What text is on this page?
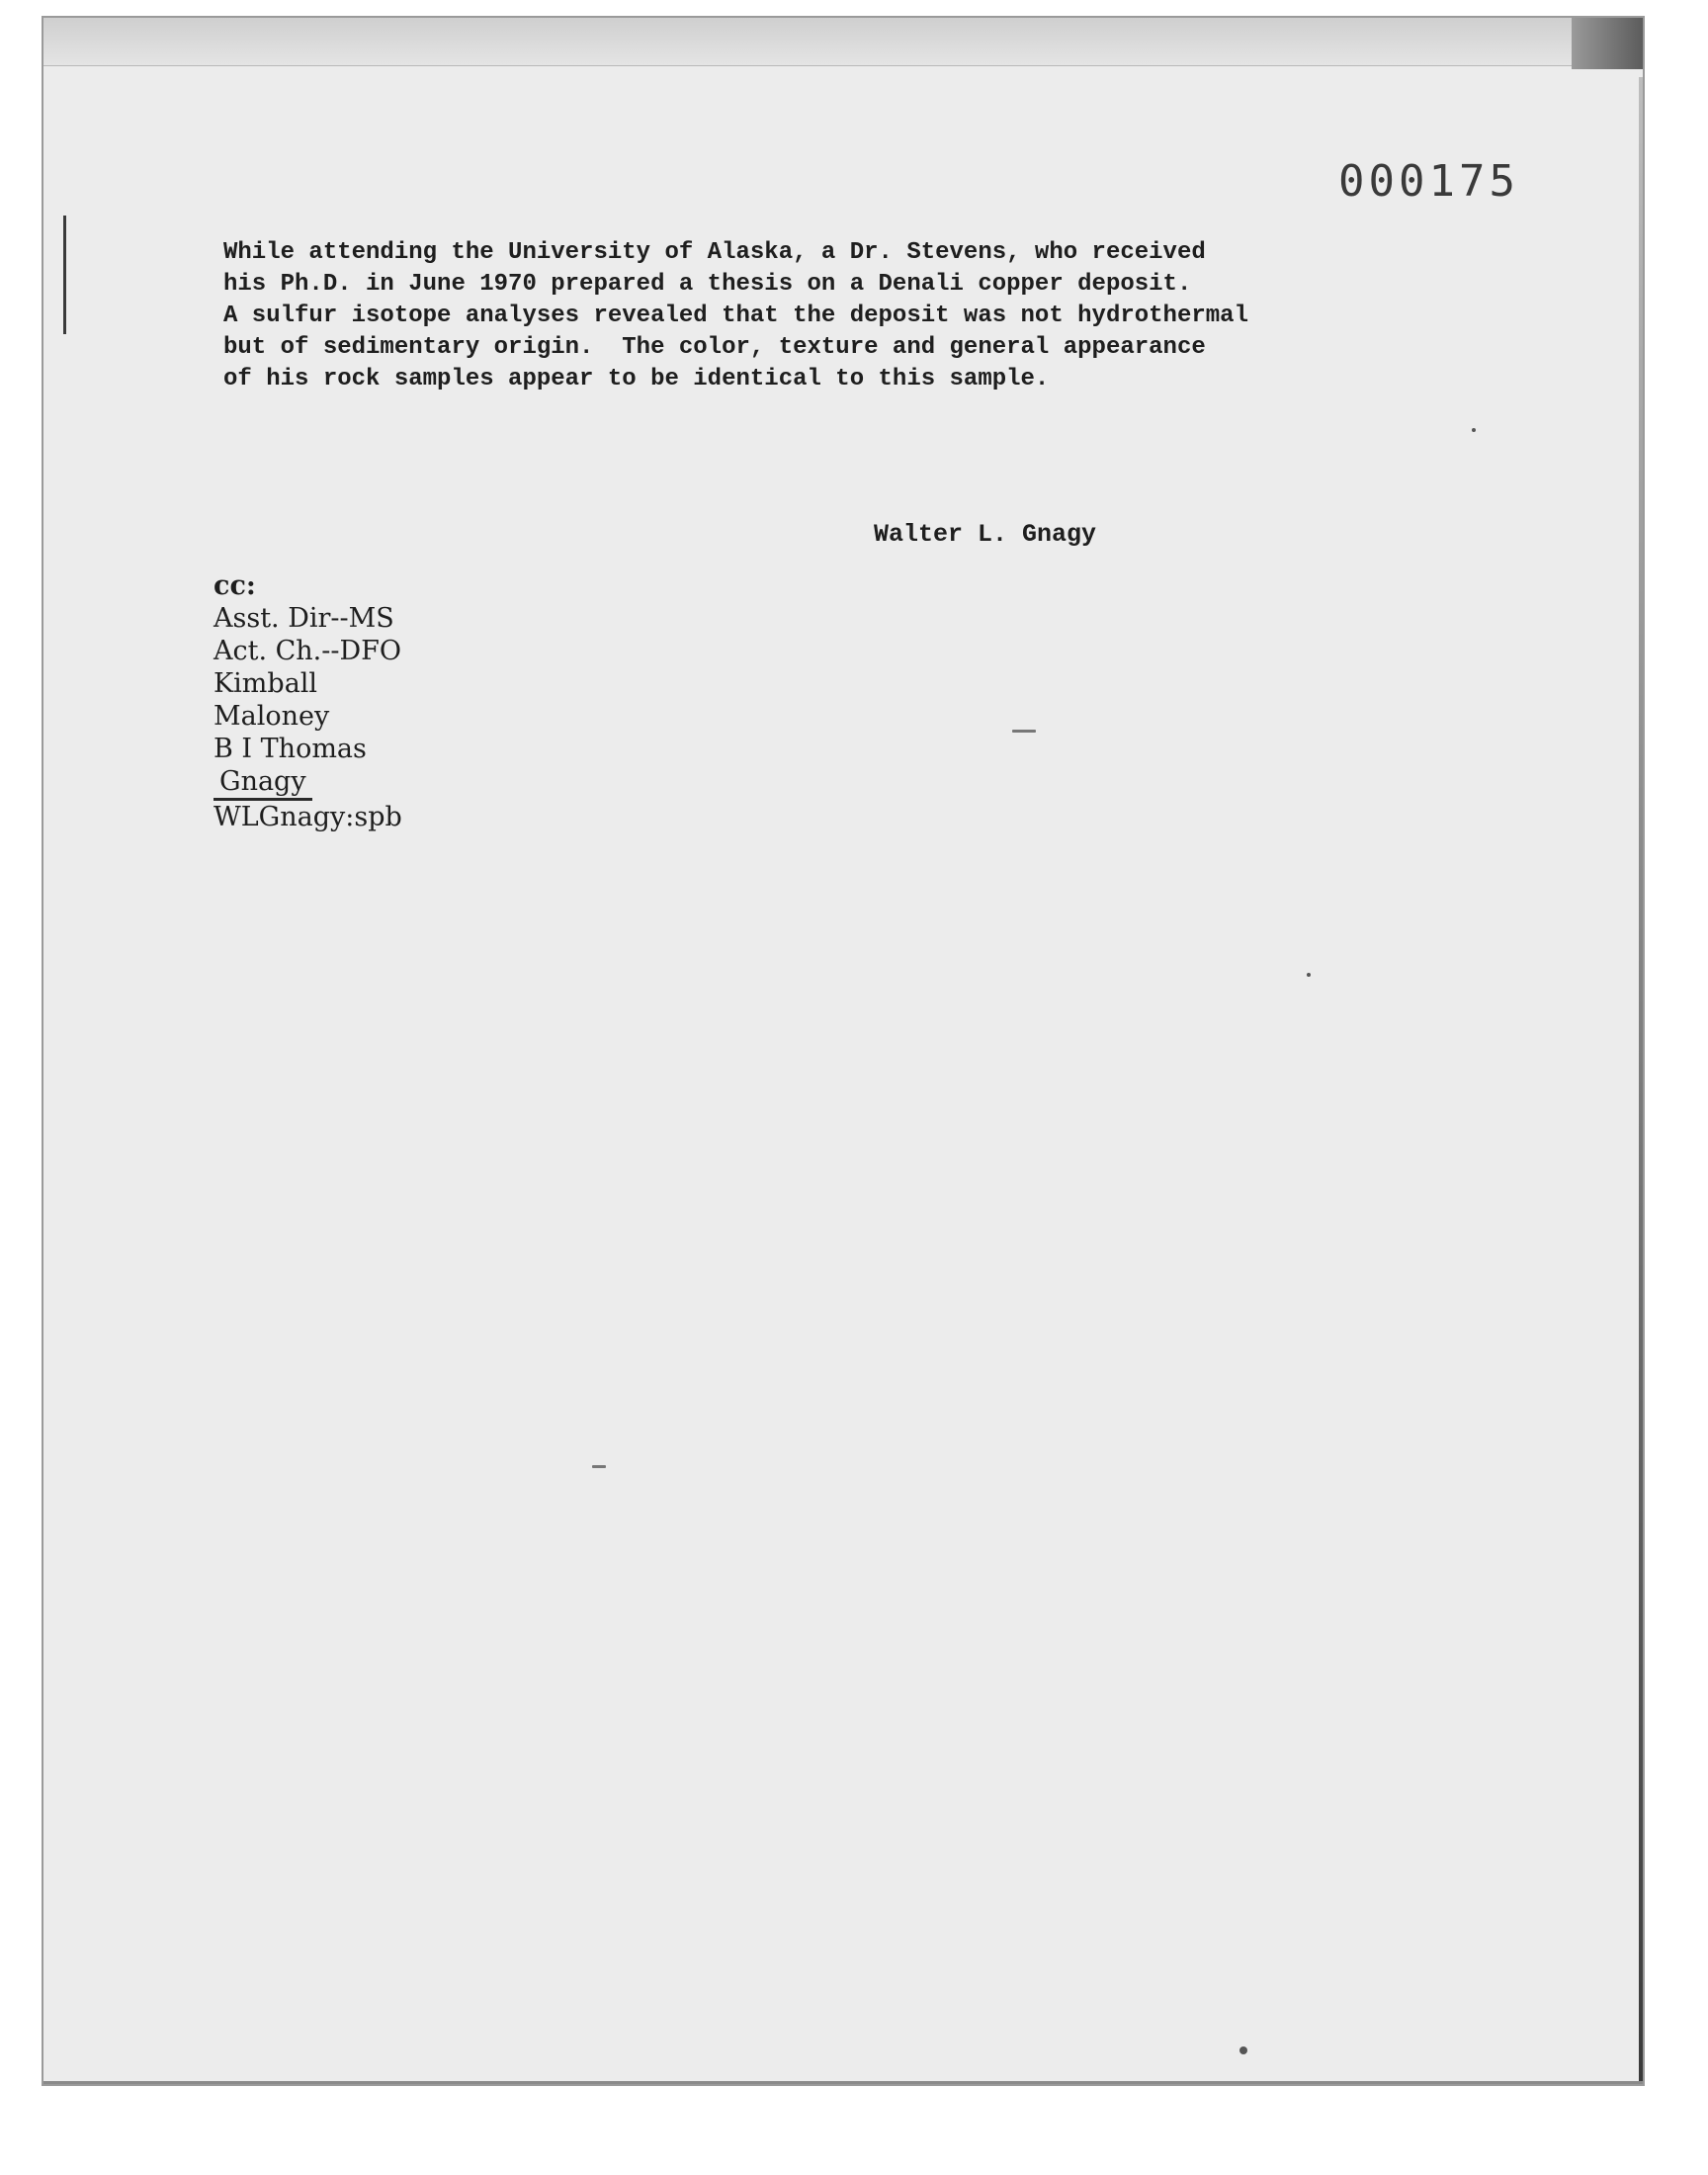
000175

While attending the University of Alaska, a Dr. Stevens, who received
his Ph.D. in June 1970 prepared a thesis on a Denali copper deposit.
A sulfur isotope analyses revealed that the deposit was not hydrothermal
but of sedimentary origin.  The color, texture and general appearance
of his rock samples appear to be identical to this sample.

Walter L. Gnagy
cc:
Asst. Dir--MS
Act. Ch.--DFO
Kimball
Maloney
B I Thomas
Gnagy
WLGnagy:spb
